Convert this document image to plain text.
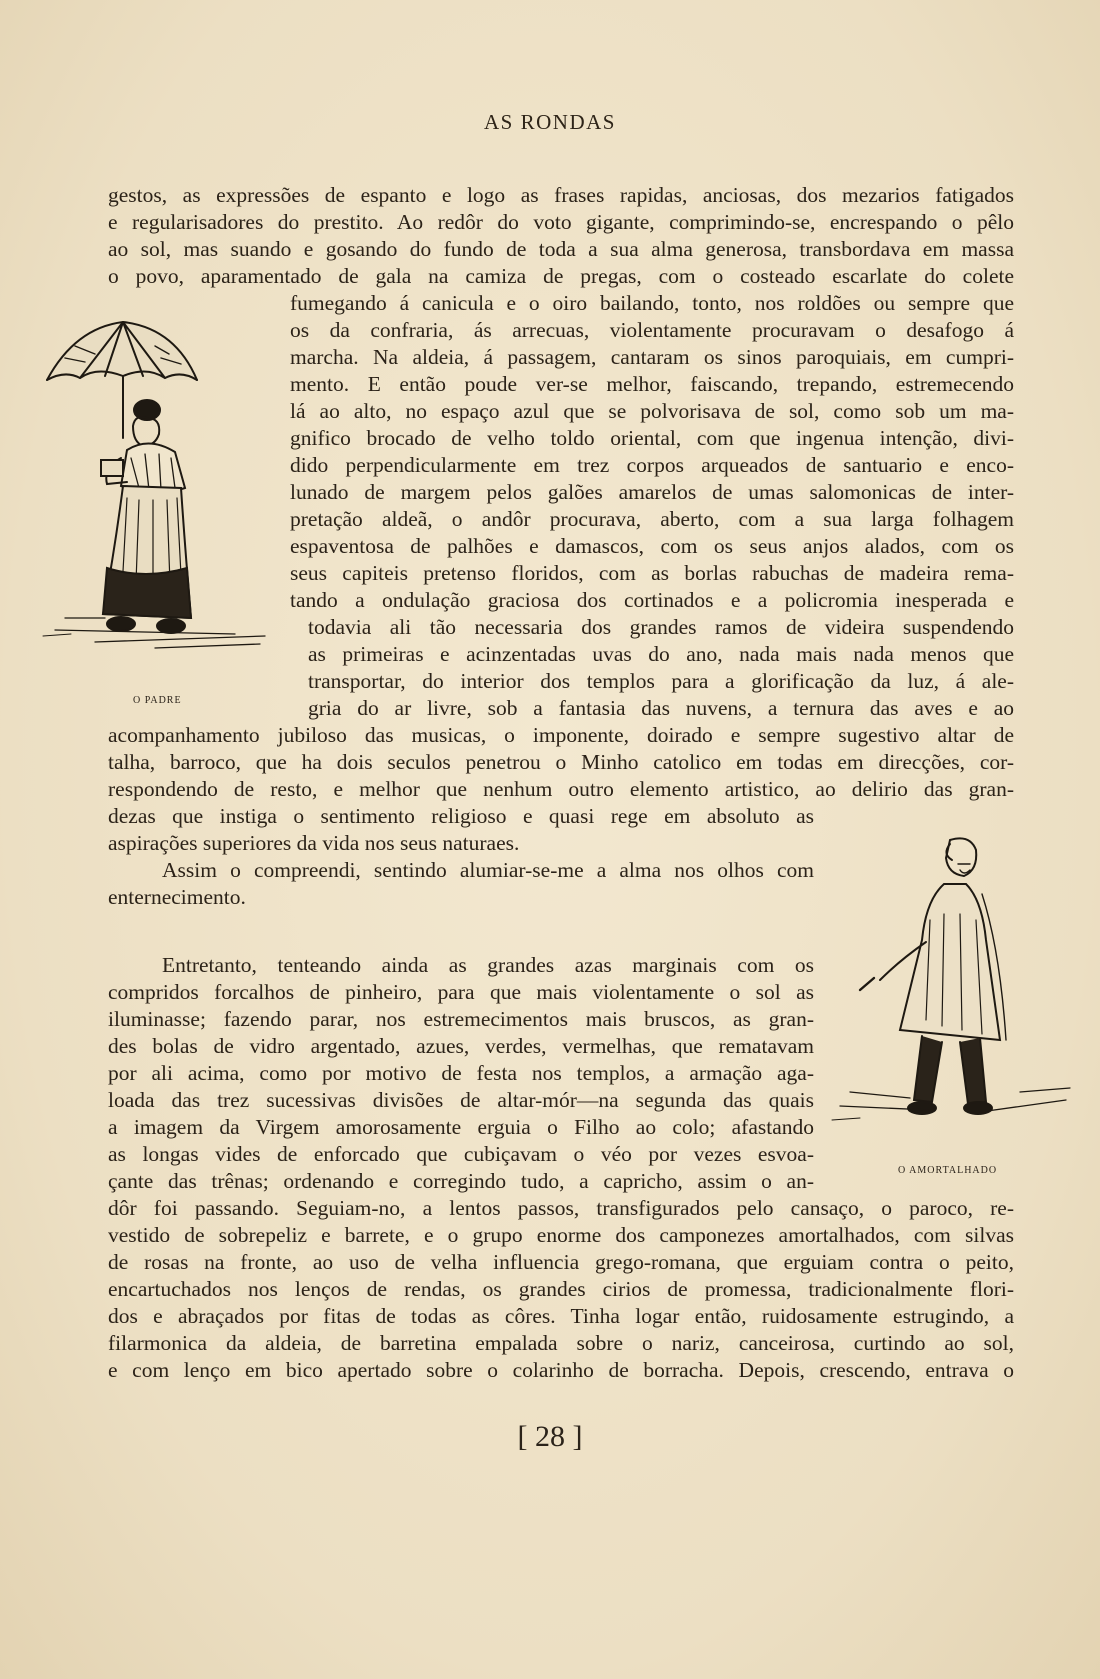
AS RONDAS
gestos, as expressões de espanto e logo as frases rapidas, anciosas, dos mezarios fatigados
e regularisadores do prestito. Ao redôr do voto gigante, comprimindo-se, encrespando o pêlo
ao sol, mas suando e gosando do fundo de toda a sua alma generosa, transbordava em massa
o povo, aparamentado de gala na camiza de pregas, com o costeado escarlate do colete
fumegando á canicula e o oiro bailando, tonto, nos roldões ou sempre que
os da confraria, ás arrecuas, violentamente procuravam o desafogo á
marcha. Na aldeia, á passagem, cantaram os sinos paroquiais, em cumpri-
mento. E então poude ver-se melhor, faiscando, trepando, estremecendo
lá ao alto, no espaço azul que se polvorisava de sol, como sob um ma-
gnifico brocado de velho toldo oriental, com que ingenua intenção, divi-
dido perpendicularmente em trez corpos arqueados de santuario e enco-
lunado de margem pelos galões amarelos de umas salomonicas de inter-
pretação aldeã, o andôr procurava, aberto, com a sua larga folhagem
espaventosa de palhões e damascos, com os seus anjos alados, com os
seus capiteis pretenso floridos, com as borlas rabuchas de madeira rema-
tando a ondulação graciosa dos cortinados e a policromia inesperada e
todavia ali tão necessaria dos grandes ramos de videira suspendendo
as primeiras e acinzentadas uvas do ano, nada mais nada menos que
transportar, do interior dos templos para a glorificação da luz, á ale-
gria do ar livre, sob a fantasia das nuvens, a ternura das aves e ao
acompanhamento jubiloso das musicas, o imponente, doirado e sempre sugestivo altar de
talha, barroco, que ha dois seculos penetrou o Minho catolico em todas em direcções, cor-
respondendo de resto, e melhor que nenhum outro elemento artistico, ao delirio das gran-
dezas que instiga o sentimento religioso e quasi rege em absoluto as
aspirações superiores da vida nos seus naturaes.
Assim o compreendi, sentindo alumiar-se-me a alma nos olhos com
enternecimento.
Entretanto, tenteando ainda as grandes azas marginais com os
compridos forcalhos de pinheiro, para que mais violentamente o sol as
iluminasse; fazendo parar, nos estremecimentos mais bruscos, as gran-
des bolas de vidro argentado, azues, verdes, vermelhas, que rematavam
por ali acima, como por motivo de festa nos templos, a armação aga-
loada das trez sucessivas divisões de altar-mór—na segunda das quais
a imagem da Virgem amorosamente erguia o Filho ao colo; afastando
as longas vides de enforcado que cubiçavam o véo por vezes esvoa-
çante das trênas; ordenando e corregindo tudo, a capricho, assim o an-
dôr foi passando. Seguiam-no, a lentos passos, transfigurados pelo cansaço, o paroco, re-
vestido de sobrepeliz e barrete, e o grupo enorme dos camponezes amortalhados, com silvas
de rosas na fronte, ao uso de velha influencia grego-romana, que erguiam contra o peito,
encartuchados nos lenços de rendas, os grandes cirios de promessa, tradicionalmente flori-
dos e abraçados por fitas de todas as côres. Tinha logar então, ruidosamente estrugindo, a
filarmonica da aldeia, de barretina empalada sobre o nariz, canceirosa, curtindo ao sol,
e com lenço em bico apertado sobre o colarinho de borracha. Depois, crescendo, entrava o
O PADRE
O AMORTALHADO
[ 28 ]
